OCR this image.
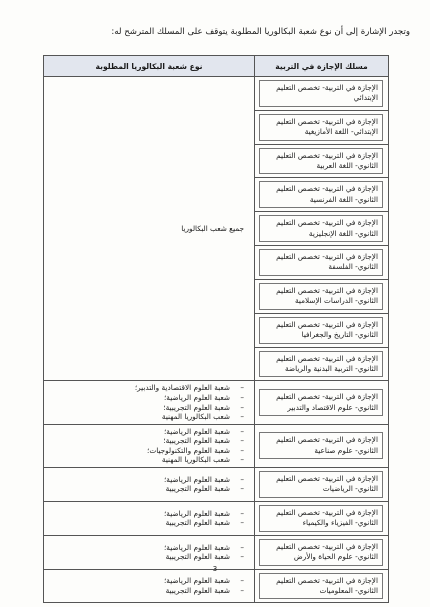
وتجدر الإشارة إلى أن نوع شعبة البكالوريا المطلوبة يتوقف على المسلك المترشح له:
مسلك الإجازة في التربية	نوع شعبة البكالوريا المطلوبة

الإجازة في التربية- تخصص التعليم الإبتدائي	جميع شعب البكالوريا

الإجازة في التربية- تخصص التعليم الإبتدائي- اللغة الأمازيغية	

الإجازة في التربية- تخصص التعليم الثانوي- اللغة العربية	

الإجازة في التربية- تخصص التعليم الثانوي- اللغة الفرنسية	

الإجازة في التربية- تخصص التعليم الثانوي- اللغة الإنجليزية	

الإجازة في التربية- تخصص التعليم الثانوي- الفلسفة	

الإجازة في التربية- تخصص التعليم الثانوي- الدراسات الإسلامية	

الإجازة في التربية- تخصص التعليم الثانوي- التاريخ والجغرافيا	

الإجازة في التربية- تخصص التعليم الثانوي- التربية البدنية والرياضة	

الإجازة في التربية- تخصص التعليم الثانوي- علوم الاقتصاد والتدبير	–شعبة العلوم الاقتصادية والتدبير؛
–شعبة العلوم الرياضية؛
–شعبة العلوم التجريبية؛
–شعب البكالوريا المهنية

الإجازة في التربية- تخصص التعليم الثانوي- علوم صناعية	–شعبة العلوم الرياضية؛
–شعبة العلوم التجريبية؛
–شعبة العلوم والتكنولوجيات؛
–شعب البكالوريا المهنية

الإجازة في التربية- تخصص التعليم الثانوي- الرياضيات	–شعبة العلوم الرياضية؛
–شعبة العلوم التجريبية

الإجازة في التربية- تخصص التعليم الثانوي- الفيزياء والكيمياء	–شعبة العلوم الرياضية؛
–شعبة العلوم التجريبية

الإجازة في التربية- تخصص التعليم الثانوي- علوم الحياة والأرض	–شعبة العلوم الرياضية؛
–شعبة العلوم التجريبية

الإجازة في التربية- تخصص التعليم الثانوي- المعلوميات	–شعبة العلوم الرياضية؛
–شعبة العلوم التجريبية
3
